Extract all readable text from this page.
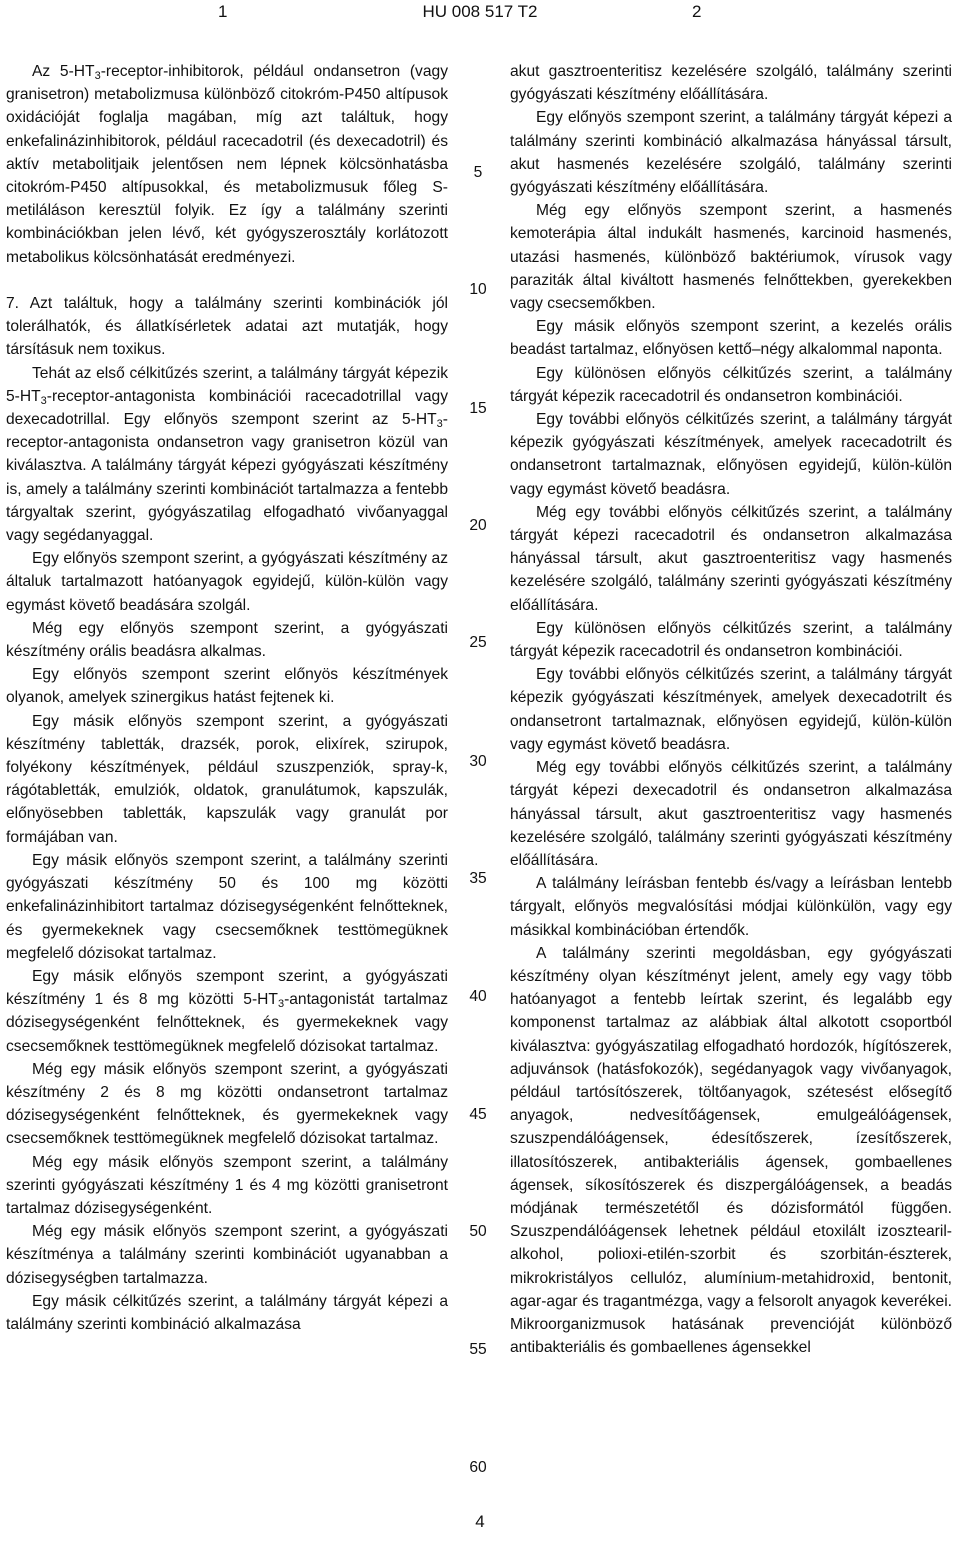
1	HU 008 517 T2	2

Az $5-HT_3-receptor$-inhibitorok, például ondansetron (vagy granisetron) metabolizmusa különböző citokróm-P450 altípusok oxidációját foglalja magában, míg azt találtuk, hogy enkefalinázinhibitorok, például racecadotril (és dexecadotril) és aktív metabolitjaik jelentősen nem lépnek kölcsönhatásba citokróm-P450 altípusokkal, és metabolizmusuk főleg S-metiláláson keresztül folyik. Ez így a találmány szerinti kombinációkban jelen lévő, két gyógyszerosztály korlátozott metabolikus kölcsönhatását eredményezi.

7. Azt találtuk, hogy a találmány szerinti kombinációk jól tolerálhatók, és állatkísérletek adatai azt mutatják, hogy társításuk nem toxikus.

Tehát az első célkitűzés szerint, a találmány tárgyát képezik $5-HT_3-receptor$-antagonista kombinációi racecadotrillal vagy dexecadotrillal. Egy előnyös szempont szerint az $5-HT_3-receptor$-antagonista ondansetron vagy granisetron közül van kiválasztva. A találmány tárgyát képezi gyógyászati készítmény is, amely a találmány szerinti kombinációt tartalmazza a fentebb tárgyaltak szerint, gyógyászatilag elfogadható vivőanyaggal vagy segédanyaggal.

Egy előnyös szempont szerint, a gyógyászati készítmény az általuk tartalmazott hatóanyagok egyidejű, külön-külön vagy egymást követő beadására szolgál.

Még egy előnyös szempont szerint, a gyógyászati készítmény orális beadásra alkalmas.

Egy előnyös szempont szerint előnyös készítmények olyanok, amelyek szinergikus hatást fejtenek ki.

Egy másik előnyös szempont szerint, a gyógyászati készítmény tabletták, drazsék, porok, elixírek, szirupok, folyékony készítmények, például szuszpenziók, spray-k, rágótabletták, emulziók, oldatok, granulátumok, kapszulák, előnyösebben tabletták, kapszulák vagy granulát por formájában van.

Egy másik előnyös szempont szerint, a találmány szerinti gyógyászati készítmény 50 és 100 mg közötti enkefalinázinhibitort tartalmaz dózisegységenként felnőtteknek, és gyermekeknek vagy csecsemőknek testtömegüknek megfelelő dózisokat tartalmaz.

Egy másik előnyös szempont szerint, a gyógyászati készítmény 1 és 8 mg közötti $5-HT_3$-antagonistát tartalmaz dózisegységenként felnőtteknek, és gyermekeknek vagy csecsemőknek testtömegüknek megfelelő dózisokat tartalmaz.

Még egy másik előnyös szempont szerint, a gyógyászati készítmény 2 és 8 mg közötti ondansetront tartalmaz dózisegységenként felnőtteknek, és gyermekeknek vagy csecsemőknek testtömegüknek megfelelő dózisokat tartalmaz.

Még egy másik előnyös szempont szerint, a találmány szerinti gyógyászati készítmény 1 és 4 mg közötti granisetront tartalmaz dózisegységenként.

Még egy másik előnyös szempont szerint, a gyógyászati készítménya a találmány szerinti kombinációt ugyanabban a dózisegységben tartalmazza.

Egy másik célkitűzés szerint, a találmány tárgyát képezi a találmány szerinti kombináció alkalmazása

5
10
15
20
25
30
35
40
45
50
55
60

akut gasztroenteritisz kezelésére szolgáló, találmány szerinti gyógyászati készítmény előállítására.

Egy előnyös szempont szerint, a találmány tárgyát képezi a találmány szerinti kombináció alkalmazása hányással társult, akut hasmenés kezelésére szolgáló, találmány szerinti gyógyászati készítmény előállítására.

Még egy előnyös szempont szerint, a hasmenés kemoterápia által indukált hasmenés, karcinoid hasmenés, utazási hasmenés, különböző baktériumok, vírusok vagy paraziták által kiváltott hasmenés felnőttekben, gyerekekben vagy csecsemőkben.

Egy másik előnyös szempont szerint, a kezelés orális beadást tartalmaz, előnyösen kettő–négy alkalommal naponta.

Egy különösen előnyös célkitűzés szerint, a találmány tárgyát képezik racecadotril és ondansetron kombinációi.

Egy további előnyös célkitűzés szerint, a találmány tárgyát képezik gyógyászati készítmények, amelyek racecadotrilt és ondansetront tartalmaznak, előnyösen egyidejű, külön-külön vagy egymást követő beadásra.

Még egy további előnyös célkitűzés szerint, a találmány tárgyát képezi racecadotril és ondansetron alkalmazása hányással társult, akut gasztroenteritisz vagy hasmenés kezelésére szolgáló, találmány szerinti gyógyászati készítmény előállítására.

Egy különösen előnyös célkitűzés szerint, a találmány tárgyát képezik racecadotril és ondansetron kombinációi.

Egy további előnyös célkitűzés szerint, a találmány tárgyát képezik gyógyászati készítmények, amelyek dexecadotrilt és ondansetront tartalmaznak, előnyösen egyidejű, külön-külön vagy egymást követő beadásra.

Még egy további előnyös célkitűzés szerint, a találmány tárgyát képezi dexecadotril és ondansetron alkalmazása hányással társult, akut gasztroenteritisz vagy hasmenés kezelésére szolgáló, találmány szerinti gyógyászati készítmény előállítására.

A találmány leírásban fentebb és/vagy a leírásban lentebb tárgyalt, előnyös megvalósítási módjai különkülön, vagy egy másikkal kombinációban értendők.

A találmány szerinti megoldásban, egy gyógyászati készítmény olyan készítményt jelent, amely egy vagy több hatóanyagot a fentebb leírtak szerint, és legalább egy komponenst tartalmaz az alábbiak által alkotott csoportból kiválasztva: gyógyászatilag elfogadható hordozók, hígítószerek, adjuvánsok (hatásfokozók), segédanyagok vagy vivőanyagok, például tartósítószerek, töltőanyagok, szétesést elősegítő anyagok, nedvesítőágensek, emulgeálóágensek, szuszpendálóágensek, édesítőszerek, ízesítőszerek, illatosítószerek, antibakteriális ágensek, gombaellenes ágensek, síkosítószerek és diszpergálóágensek, a beadás módjának természetétől és dózisformától függően. Szuszpendálóágensek lehetnek például etoxilált izosztearil-alkohol, polioxi-etilén-szorbit és szorbitán-észterek, mikrokristályos cellulóz, alumínium-metahidroxid, bentonit, agar-agar és tragantmézga, vagy a felsorolt anyagok keverékei. Mikroorganizmusok hatásának prevencióját különböző antibakteriális és gombaellenes ágensekkel

4
